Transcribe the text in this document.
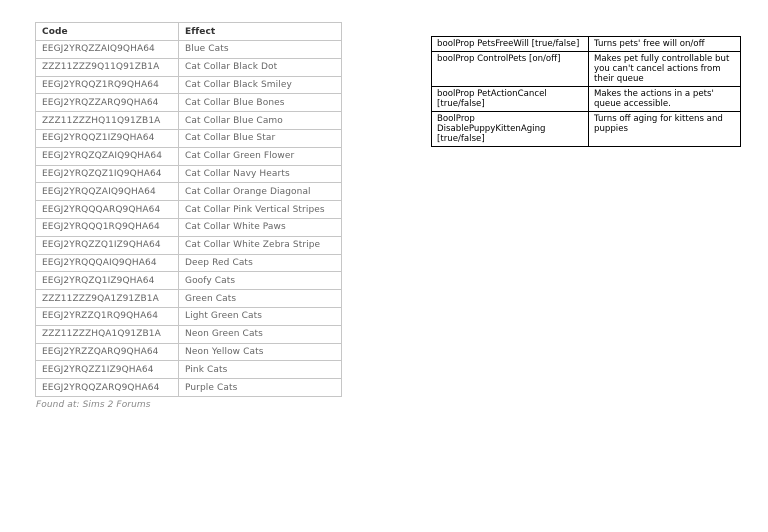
Code	Effect
EEGJ2YRQZZAIQ9QHA64	Blue Cats
ZZZ11ZZZ9Q11Q91ZB1A	Cat Collar Black Dot
EEGJ2YRQQZ1RQ9QHA64	Cat Collar Black Smiley
EEGJ2YRQZZARQ9QHA64	Cat Collar Blue Bones
ZZZ11ZZZHQ11Q91ZB1A	Cat Collar Blue Camo
EEGJ2YRQQZ1IZ9QHA64	Cat Collar Blue Star
EEGJ2YRQZQZAIQ9QHA64	Cat Collar Green Flower
EEGJ2YRQZQZ1IQ9QHA64	Cat Collar Navy Hearts
EEGJ2YRQQZAIQ9QHA64	Cat Collar Orange Diagonal
EEGJ2YRQQQARQ9QHA64	Cat Collar Pink Vertical Stripes
EEGJ2YRQQQ1RQ9QHA64	Cat Collar White Paws
EEGJ2YRQZZQ1IZ9QHA64	Cat Collar White Zebra Stripe
EEGJ2YRQQQAIQ9QHA64	Deep Red Cats
EEGJ2YRQZQ1IZ9QHA64	Goofy Cats
ZZZ11ZZZ9QA1Z91ZB1A	Green Cats
EEGJ2YRZZQ1RQ9QHA64	Light Green Cats
ZZZ11ZZZHQA1Q91ZB1A	Neon Green Cats
EEGJ2YRZZQARQ9QHA64	Neon Yellow Cats
EEGJ2YRQZZ1IZ9QHA64	Pink Cats
EEGJ2YRQQZARQ9QHA64	Purple Cats
Found at: Sims 2 Forums
boolProp PetsFreeWill [true/false]	Turns pets' free will on/off
boolProp ControlPets [on/off]	Makes pet fully controllable but you can't cancel actions from their queue
boolProp PetActionCancel [true/false]	Makes the actions in a pets' queue accessible.
BoolProp DisablePuppyKittenAging [true/false]	Turns off aging for kittens and puppies
